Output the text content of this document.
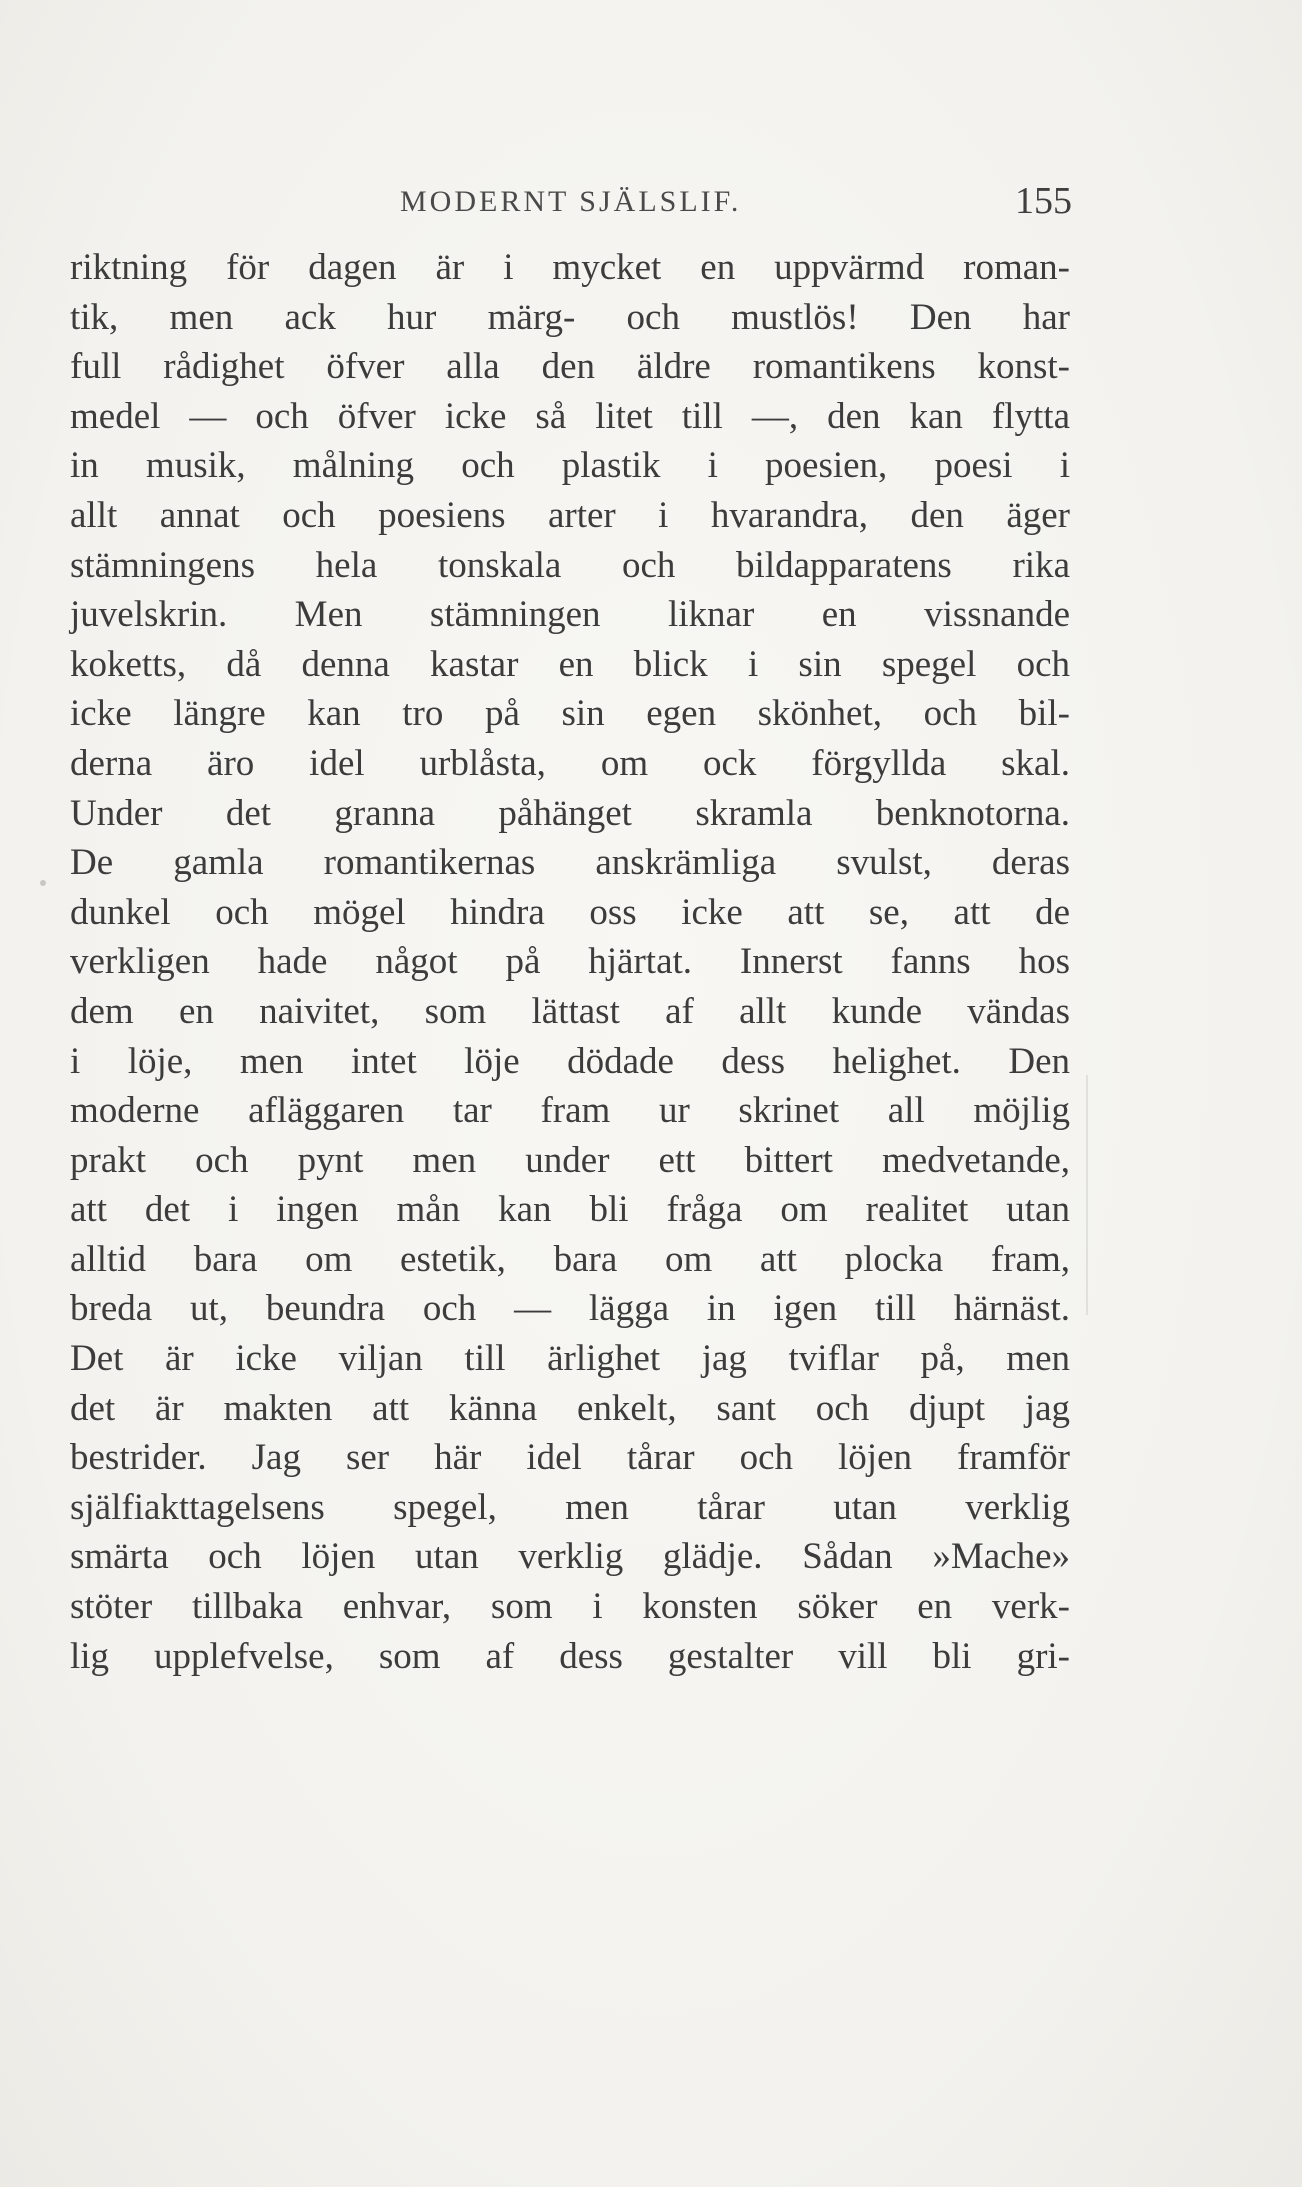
MODERNT SJÄLSLIF.	155
riktning för dagen är i mycket en uppvärmd roman-
tik, men ack hur märg- och mustlös! Den har
full rådighet öfver alla den äldre romantikens konst-
medel — och öfver icke så litet till —, den kan flytta
in musik, målning och plastik i poesien, poesi i
allt annat och poesiens arter i hvarandra, den äger
stämningens hela tonskala och bildapparatens rika
juvelskrin. Men stämningen liknar en vissnande
koketts, då denna kastar en blick i sin spegel och
icke längre kan tro på sin egen skönhet, och bil-
derna äro idel urblåsta, om ock förgyllda skal.
Under det granna påhänget skramla benknotorna.
De gamla romantikernas anskrämliga svulst, deras
dunkel och mögel hindra oss icke att se, att de
verkligen hade något på hjärtat. Innerst fanns hos
dem en naivitet, som lättast af allt kunde vändas
i löje, men intet löje dödade dess helighet. Den
moderne afläggaren tar fram ur skrinet all möjlig
prakt och pynt men under ett bittert medvetande,
att det i ingen mån kan bli fråga om realitet utan
alltid bara om estetik, bara om att plocka fram,
breda ut, beundra och — lägga in igen till härnäst.
Det är icke viljan till ärlighet jag tviflar på, men
det är makten att känna enkelt, sant och djupt jag
bestrider. Jag ser här idel tårar och löjen framför
själfiakttagelsens spegel, men tårar utan verklig
smärta och löjen utan verklig glädje. Sådan »Mache»
stöter tillbaka enhvar, som i konsten söker en verk-
lig upplefvelse, som af dess gestalter vill bli gri-
